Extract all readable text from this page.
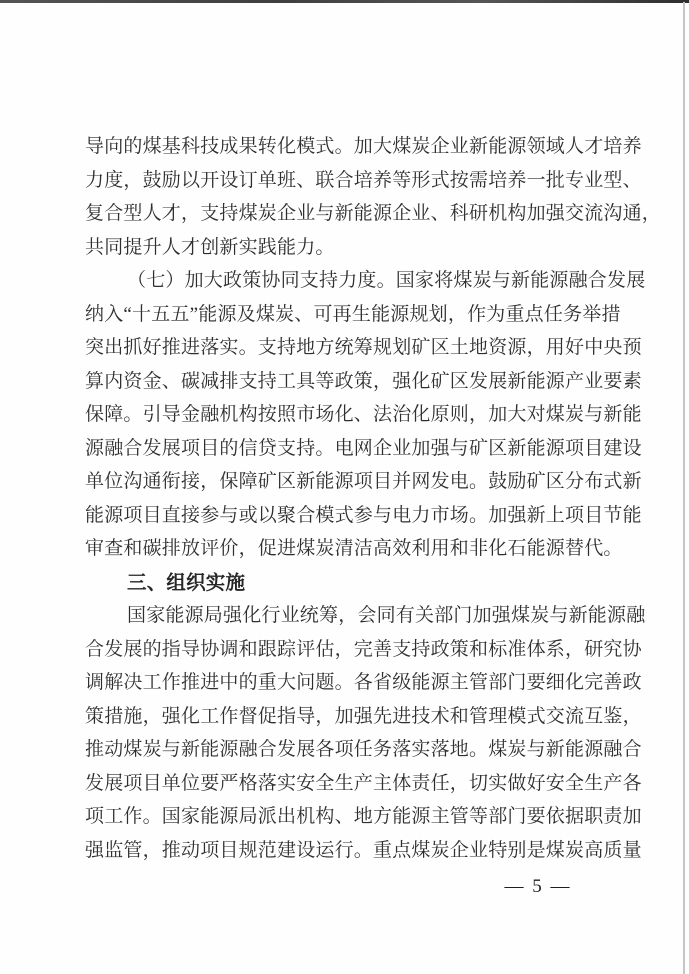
导向的煤基科技成果转化模式。加大煤炭企业新能源领域人才培养
力度，鼓励以开设订单班、联合培养等形式按需培养一批专业型、
复合型人才，支持煤炭企业与新能源企业、科研机构加强交流沟通，
共同提升人才创新实践能力。
（七）加大政策协同支持力度。国家将煤炭与新能源融合发展
纳入“十五五”能源及煤炭、可再生能源规划，作为重点任务举措
突出抓好推进落实。支持地方统筹规划矿区土地资源，用好中央预
算内资金、碳减排支持工具等政策，强化矿区发展新能源产业要素
保障。引导金融机构按照市场化、法治化原则，加大对煤炭与新能
源融合发展项目的信贷支持。电网企业加强与矿区新能源项目建设
单位沟通衔接，保障矿区新能源项目并网发电。鼓励矿区分布式新
能源项目直接参与或以聚合模式参与电力市场。加强新上项目节能
审查和碳排放评价，促进煤炭清洁高效利用和非化石能源替代。
三、组织实施
国家能源局强化行业统筹，会同有关部门加强煤炭与新能源融
合发展的指导协调和跟踪评估，完善支持政策和标准体系，研究协
调解决工作推进中的重大问题。各省级能源主管部门要细化完善政
策措施，强化工作督促指导，加强先进技术和管理模式交流互鉴，
推动煤炭与新能源融合发展各项任务落实落地。煤炭与新能源融合
发展项目单位要严格落实安全生产主体责任，切实做好安全生产各
项工作。国家能源局派出机构、地方能源主管等部门要依据职责加
强监管，推动项目规范建设运行。重点煤炭企业特别是煤炭高质量
— 5 —
